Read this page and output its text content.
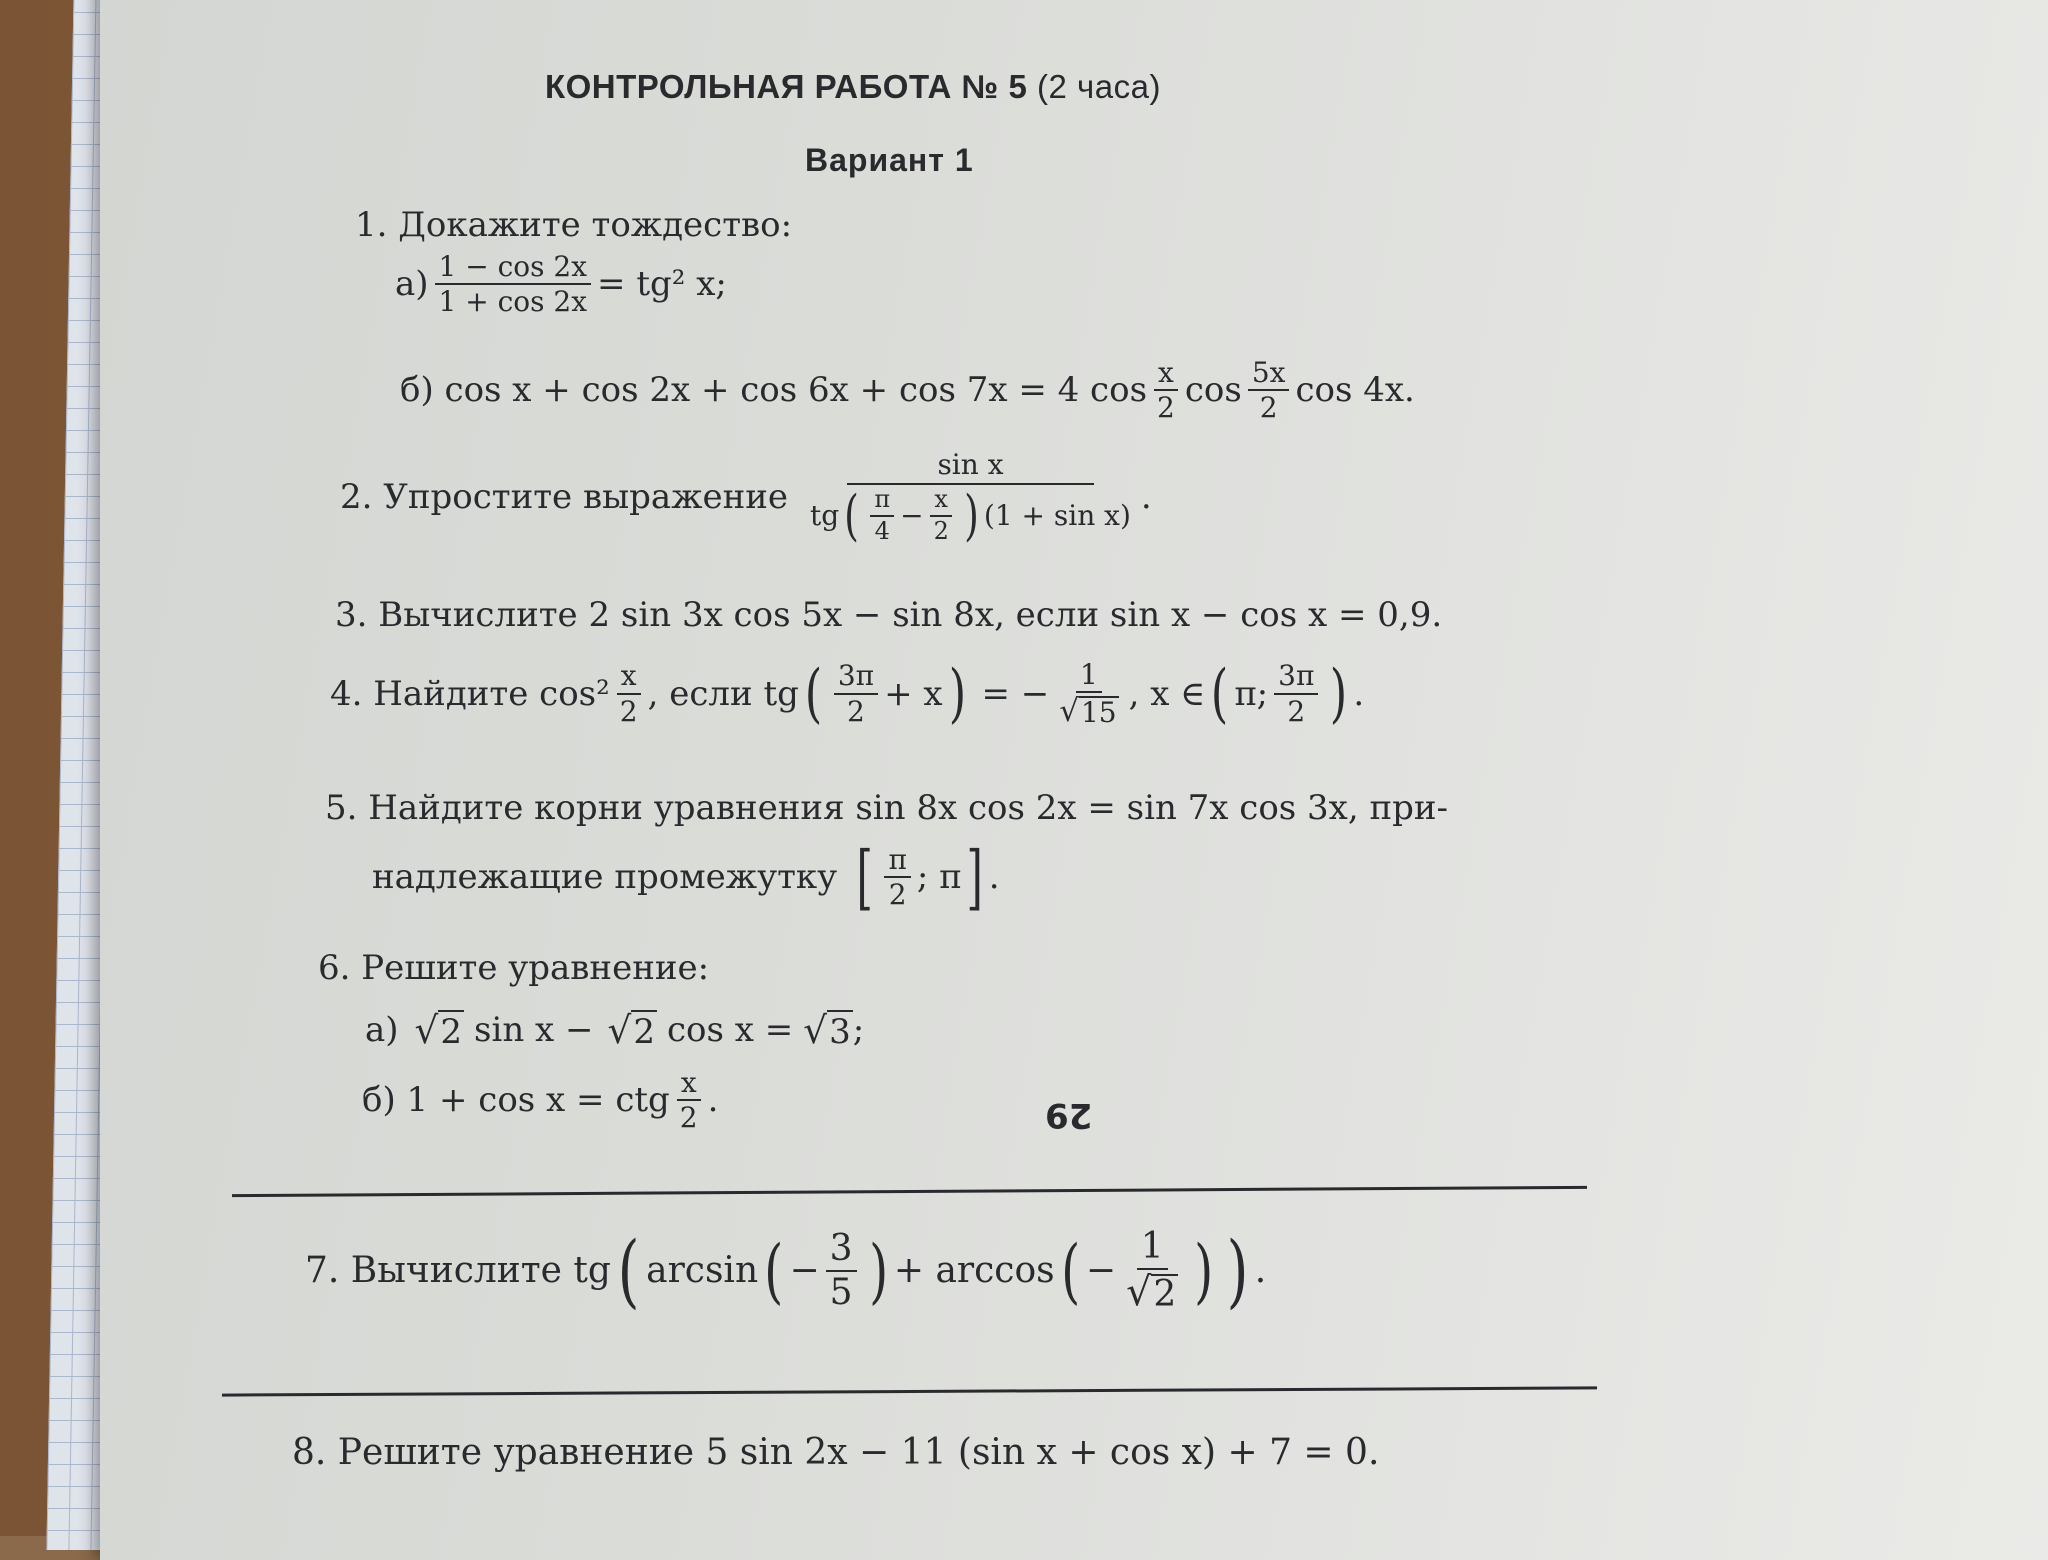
КОНТРОЛЬНАЯ РАБОТА № 5 (2 часа)
Вариант 1
1. Докажите тождество:
$а) \frac{1 - \cos 2x}{1 + \cos 2x} = tg^2$ x;
б) cos x + cos 2x + cos 6x + cos 7x = 4 $\cos \frac{x}{2}$ $\cos \frac{5x}{2}$ cos 4x.
2. Упростите выражение
sin x
tg ( $\frac{\pi}{4} - \frac{x}{2}$ ) (1 + sin x) .
3. Вычислите 2 sin 3x cos 5x − sin 8x, если sin x − cos x = 0,9.
4. Найдите $\cos^2 \frac{x}{2}$ , если tg ( $\frac{3\pi}{2} + x$ ) = − $\frac{1}{√ 15}$ , x ∈ ( π; $\frac{3\pi}{2}$ ) .
5. Найдите корни уравнения sin 8x cos 2x = sin 7x cos 3x, при-
надлежащие промежутку [ $\frac{\pi}{2}$ ; π ] .
6. Решите уравнение:
а) √ 2 sin x − √ 2 cos x = √ 3 ;
б) 1 + cos x = ctg $\frac{x}{2}$ .	29
7. Вычислите tg ( arcsin ( − $\frac{3}{5}$ ) + arccos ( − $\frac{1}{√ 2}$ ) ) .
8. Решите уравнение 5 sin 2x − 11 (sin x + cos x) + 7 = 0.
